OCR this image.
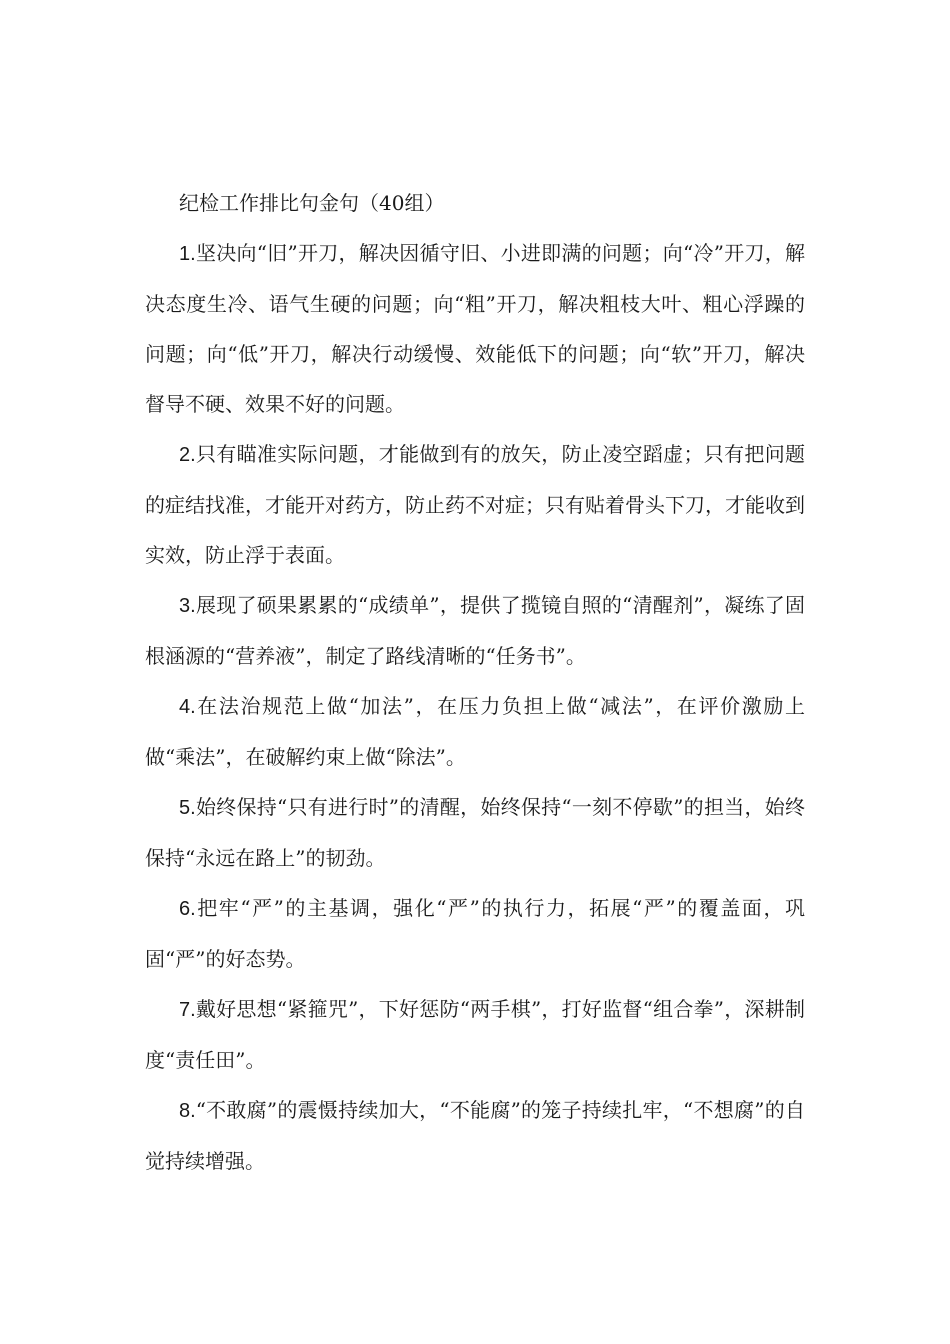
纪检工作排比句金句（40组）

1.坚决向“旧”开刀，解决因循守旧、小进即满的问题；向“冷”开刀，解决态度生冷、语气生硬的问题；向“粗”开刀，解决粗枝大叶、粗心浮躁的问题；向“低”开刀，解决行动缓慢、效能低下的问题；向“软”开刀，解决督导不硬、效果不好的问题。

2.只有瞄准实际问题，才能做到有的放矢，防止凌空蹈虚；只有把问题的症结找准，才能开对药方，防止药不对症；只有贴着骨头下刀，才能收到实效，防止浮于表面。

3.展现了硕果累累的“成绩单”，提供了揽镜自照的“清醒剂”，凝练了固根涵源的“营养液”，制定了路线清晰的“任务书”。

4.在法治规范上做“加法”，在压力负担上做“减法”，在评价激励上做“乘法”，在破解约束上做“除法”。

5.始终保持“只有进行时”的清醒，始终保持“一刻不停歇”的担当，始终保持“永远在路上”的韧劲。

6.把牢“严”的主基调，强化“严”的执行力，拓展“严”的覆盖面，巩固“严”的好态势。

7.戴好思想“紧箍咒”，下好惩防“两手棋”，打好监督“组合拳”，深耕制度“责任田”。

8.“不敢腐”的震慑持续加大，“不能腐”的笼子持续扎牢，“不想腐”的自觉持续增强。
